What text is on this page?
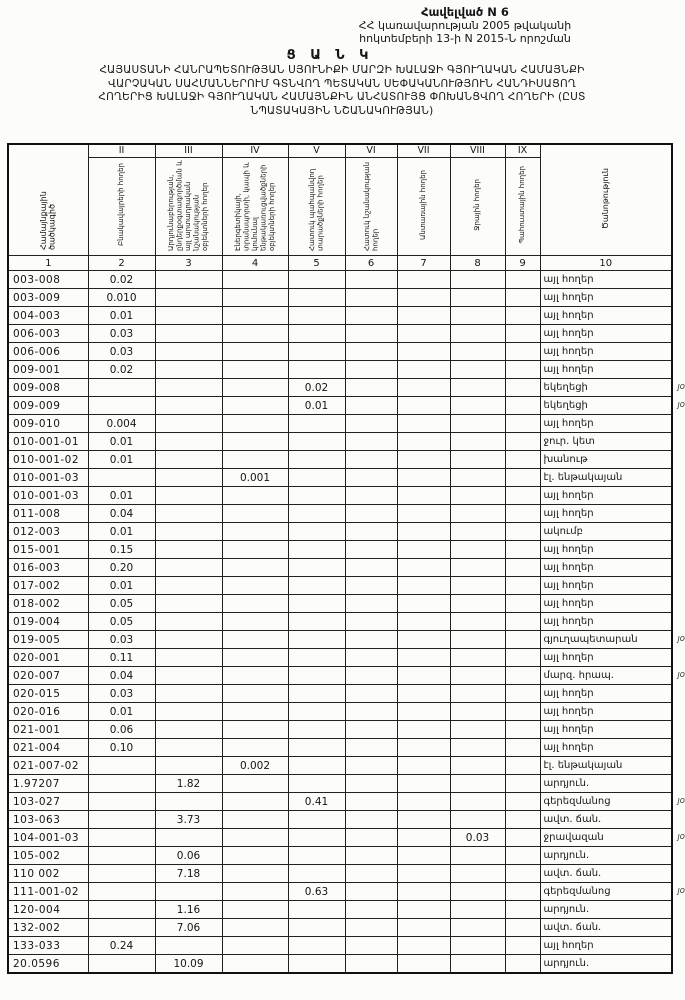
Հավելված N 6
ՀՀ կառավարության 2005 թվականի
հոկտեմբերի 13-ի N 2015-Ն որոշման
Ց Ա Ն Կ
ՀԱՅԱՍՏԱՆԻ ՀԱՆՐԱՊԵՏՈՒԹՅԱՆ ՍՅՈՒՆԻՔԻ ՄԱՐԶԻ ԽԱԼԱՋԻ ԳՅՈՒՂԱԿԱՆ ՀԱՄԱՅՆՔԻ
ՎԱՐՉԱԿԱՆ ՍԱՀՄԱՆՆԵՐՈՒՄ ԳՏՆՎՈՂ ՊԵՏԱԿԱՆ ՍԵՓԱԿԱՆՈՒԹՅՈՒՆ ՀԱՆԴԻՍԱՑՈՂ
ՀՈՂԵՐԻՑ ԽԱԼԱՋԻ ԳՅՈՒՂԱԿԱՆ ՀԱՄԱՅՆՔԻՆ ԱՆՀԱՏՈՒՅՑ ՓՈԽԱՆՑՎՈՂ ՀՈՂԵՐԻ (ԸՍՏ
ՆՊԱՏԱԿԱՅԻՆ ՆՇԱՆԱԿՈՒԹՅԱՆ)
Համայնքային ծածկագիծ	II	III	IV	V	VI	VII	VIII	IX	Ծանոթություն
	Բնակավայրերի հողեր	Արդյունաբերության, ընդերքօգտագործման և այլ արտադրական նշանակության օբյեկտների հողեր	Էներգետիկայի, տրանսպորտի, կապի և կոմունալ ենթակառուցվածքների օբյեկտների հողեր	Հատուկ պահպանվող տարածքների հողեր	Հատուկ նշանակության հողեր	Անտառային հողեր	Ջրային հողեր	Պահուստային հողեր	
1	2	3	4	5	6	7	8	9	10
003-008	0.02								այլ հողեր
003-009	0.010								այլ հողեր
004-003	0.01								այլ հողեր
006-003	0.03								այլ հողեր
006-006	0.03								այլ հողեր
009-001	0.02								այլ հողեր
009-008				0.02					եկեղեցի յօ

009-009				0.01					եկեղեցի յօ

009-010	0.004								այլ հողեր
010-001-01	0.01								ջուր. կետ
010-001-02	0.01								խանութ
010-001-03			0.001						էլ. ենթակայան
010-001-03	0.01								այլ հողեր
011-008	0.04								այլ հողեր
012-003	0.01								ակումբ
015-001	0.15								այլ հողեր
016-003	0.20								այլ հողեր
017-002	0.01								այլ հողեր
018-002	0.05								այլ հողեր
019-004	0.05								այլ հողեր
019-005	0.03								գյուղապետարան յօ

020-001	0.11								այլ հողեր
020-007	0.04								մարզ. հրապ. յօ

020-015	0.03								այլ հողեր
020-016	0.01								այլ հողեր
021-001	0.06								այլ հողեր
021-004	0.10								այլ հողեր
021-007-02			0.002						էլ. ենթակայան
1.97207		1.82							արդյուն.
103-027				0.41					գերեզմանոց յօ

103-063		3.73							ավտ. ճան.
104-001-03							0.03		ջրավազան յօ

105-002		0.06							արդյուն.
110 002		7.18							ավտ. ճան.
111-001-02				0.63					գերեզմանոց յօ

120-004		1.16							արդյուն.
132-002		7.06							ավտ. ճան.
133-033	0.24								այլ հողեր
20.0596		10.09							արդյուն.
